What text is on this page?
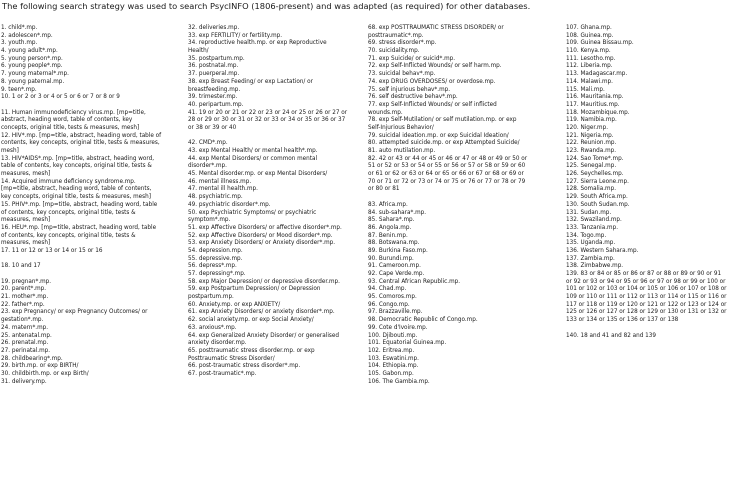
The following search strategy was used to search PsycINFO (1806-present) and was adapted (as required) for other databases.
1. child*.mp.
2. adolescen*.mp.
3. youth.mp.
4. young adult*.mp.
5. young person*.mp.
6. young people*.mp.
7. young maternal*.mp.
8. young paternal.mp.
9. teen*.mp.
10. 1 or 2 or 3 or 4 or 5 or 6 or 7 or 8 or 9
11. Human immunodeficiency virus.mp. [mp=title,
abstract, heading word, table of contents, key
concepts, original title, tests & measures, mesh]
12. HIV*.mp. [mp=title, abstract, heading word, table of
contents, key concepts, original title, tests & measures,
mesh]
13. HIV*AIDS*.mp. [mp=title, abstract, heading word,
table of contents, key concepts, original title, tests &
measures, mesh]
14. Acquired immune deficiency syndrome.mp.
[mp=title, abstract, heading word, table of contents,
key concepts, original title, tests & measures, mesh]
15. PHIV*.mp. [mp=title, abstract, heading word, table
of contents, key concepts, original title, tests &
measures, mesh]
16. HEU*.mp. [mp=title, abstract, heading word, table
of contents, key concepts, original title, tests &
measures, mesh]
17. 11 or 12 or 13 or 14 or 15 or 16
18. 10 and 17
19. pregnan*.mp.
20. parent*.mp.
21. mother*.mp.
22. father*.mp.
23. exp Pregnancy/ or exp Pregnancy Outcomes/ or
gestation*.mp.
24. matern*.mp.
25. antenatal.mp.
26. prenatal.mp.
27. perinatal.mp.
28. childbearing*.mp.
29. birth.mp. or exp BIRTH/
30. childbirth.mp. or exp Birth/
31. delivery.mp.
32. deliveries.mp.
33. exp FERTILITY/ or fertility.mp.
34. reproductive health.mp. or exp Reproductive
Health/
35. postpartum.mp.
36. postnatal.mp.
37. puerperal.mp.
38. exp Breast Feeding/ or exp Lactation/ or
breastfeeding.mp.
39. trimester.mp.
40. peripartum.mp.
41. 19 or 20 or 21 or 22 or 23 or 24 or 25 or 26 or 27 or
28 or 29 or 30 or 31 or 32 or 33 or 34 or 35 or 36 or 37
or 38 or 39 or 40
42. CMD*.mp.
43. exp Mental Health/ or mental health*.mp.
44. exp Mental Disorders/ or common mental
disorder*.mp.
45. Mental disorder.mp. or exp Mental Disorders/
46. mental illness.mp.
47. mental ill health.mp.
48. psychiatric.mp.
49. psychiatric disorder*.mp.
50. exp Psychiatric Symptoms/ or psychiatric
symptom*.mp.
51. exp Affective Disorders/ or affective disorder*.mp.
52. exp Affective Disorders/ or Mood disorder*.mp.
53. exp Anxiety Disorders/ or Anxiety disorder*.mp.
54. depression.mp.
55. depressive.mp.
56. depress*.mp.
57. depressing*.mp.
58. exp Major Depression/ or depressive disorder.mp.
59. exp Postpartum Depression/ or Depression
postpartum.mp.
60. Anxiety.mp. or exp ANXIETY/
61. exp Anxiety Disorders/ or anxiety disorder*.mp.
62. social anxiety.mp. or exp Social Anxiety/
63. anxious*.mp.
64. exp Generalized Anxiety Disorder/ or generalised
anxiety disorder.mp.
65. posttraumatic stress disorder.mp. or exp
Posttraumatic Stress Disorder/
66. post-traumatic stress disorder*.mp.
67. post-traumatic*.mp.
68. exp POSTTRAUMATIC STRESS DISORDER/ or
posttraumatic*.mp.
69. stress disorder*.mp.
70. suicidality.mp.
71. exp Suicide/ or suicid*.mp.
72. exp Self-Inflicted Wounds/ or self harm.mp.
73. suicidal behav*.mp.
74. exp DRUG OVERDOSES/ or overdose.mp.
75. self injurious behav*.mp.
76. self destructive behav*.mp.
77. exp Self-Inflicted Wounds/ or self inflicted
wounds.mp.
78. exp Self-Mutilation/ or self mutilation.mp. or exp
Self-Injurious Behavior/
79. suicidal ideation.mp. or exp Suicidal Ideation/
80. attempted suicide.mp. or exp Attempted Suicide/
81. auto mutilation.mp.
82. 42 or 43 or 44 or 45 or 46 or 47 or 48 or 49 or 50 or
51 or 52 or 53 or 54 or 55 or 56 or 57 or 58 or 59 or 60
or 61 or 62 or 63 or 64 or 65 or 66 or 67 or 68 or 69 or
70 or 71 or 72 or 73 or 74 or 75 or 76 or 77 or 78 or 79
or 80 or 81
83. Africa.mp.
84. sub-sahara*.mp.
85. Sahara*.mp.
86. Angola.mp.
87. Benin.mp.
88. Botswana.mp.
89. Burkina Faso.mp.
90. Burundi.mp.
91. Cameroon.mp.
92. Cape Verde.mp.
93. Central African Republic.mp.
94. Chad.mp.
95. Comoros.mp.
96. Congo.mp.
97. Brazzaville.mp.
98. Democratic Republic of Congo.mp.
99. Cote d'Ivoire.mp.
100. Djibouti.mp.
101. Equatorial Guinea.mp.
102. Eritrea.mp.
103. Eswatini.mp.
104. Ethiopia.mp.
105. Gabon.mp.
106. The Gambia.mp.
107. Ghana.mp.
108. Guinea.mp.
109. Guinea Bissau.mp.
110. Kenya.mp.
111. Lesotho.mp.
112. Liberia.mp.
113. Madagascar.mp.
114. Malawi.mp.
115. Mali.mp.
116. Mauritania.mp.
117. Mauritius.mp.
118. Mozambique.mp.
119. Namibia.mp.
120. Niger.mp.
121. Nigeria.mp.
122. Reunion.mp.
123. Rwanda.mp.
124. Sao Tome*.mp.
125. Senegal.mp.
126. Seychelles.mp.
127. Sierra Leone.mp.
128. Somalia.mp.
129. South Africa.mp.
130. South Sudan.mp.
131. Sudan.mp.
132. Swaziland.mp.
133. Tanzania.mp.
134. Togo.mp.
135. Uganda.mp.
136. Western Sahara.mp.
137. Zambia.mp.
138. Zimbabwe.mp.
139. 83 or 84 or 85 or 86 or 87 or 88 or 89 or 90 or 91
or 92 or 93 or 94 or 95 or 96 or 97 or 98 or 99 or 100 or
101 or 102 or 103 or 104 or 105 or 106 or 107 or 108 or
109 or 110 or 111 or 112 or 113 or 114 or 115 or 116 or
117 or 118 or 119 or 120 or 121 or 122 or 123 or 124 or
125 or 126 or 127 or 128 or 129 or 130 or 131 or 132 or
133 or 134 or 135 or 136 or 137 or 138
140. 18 and 41 and 82 and 139
